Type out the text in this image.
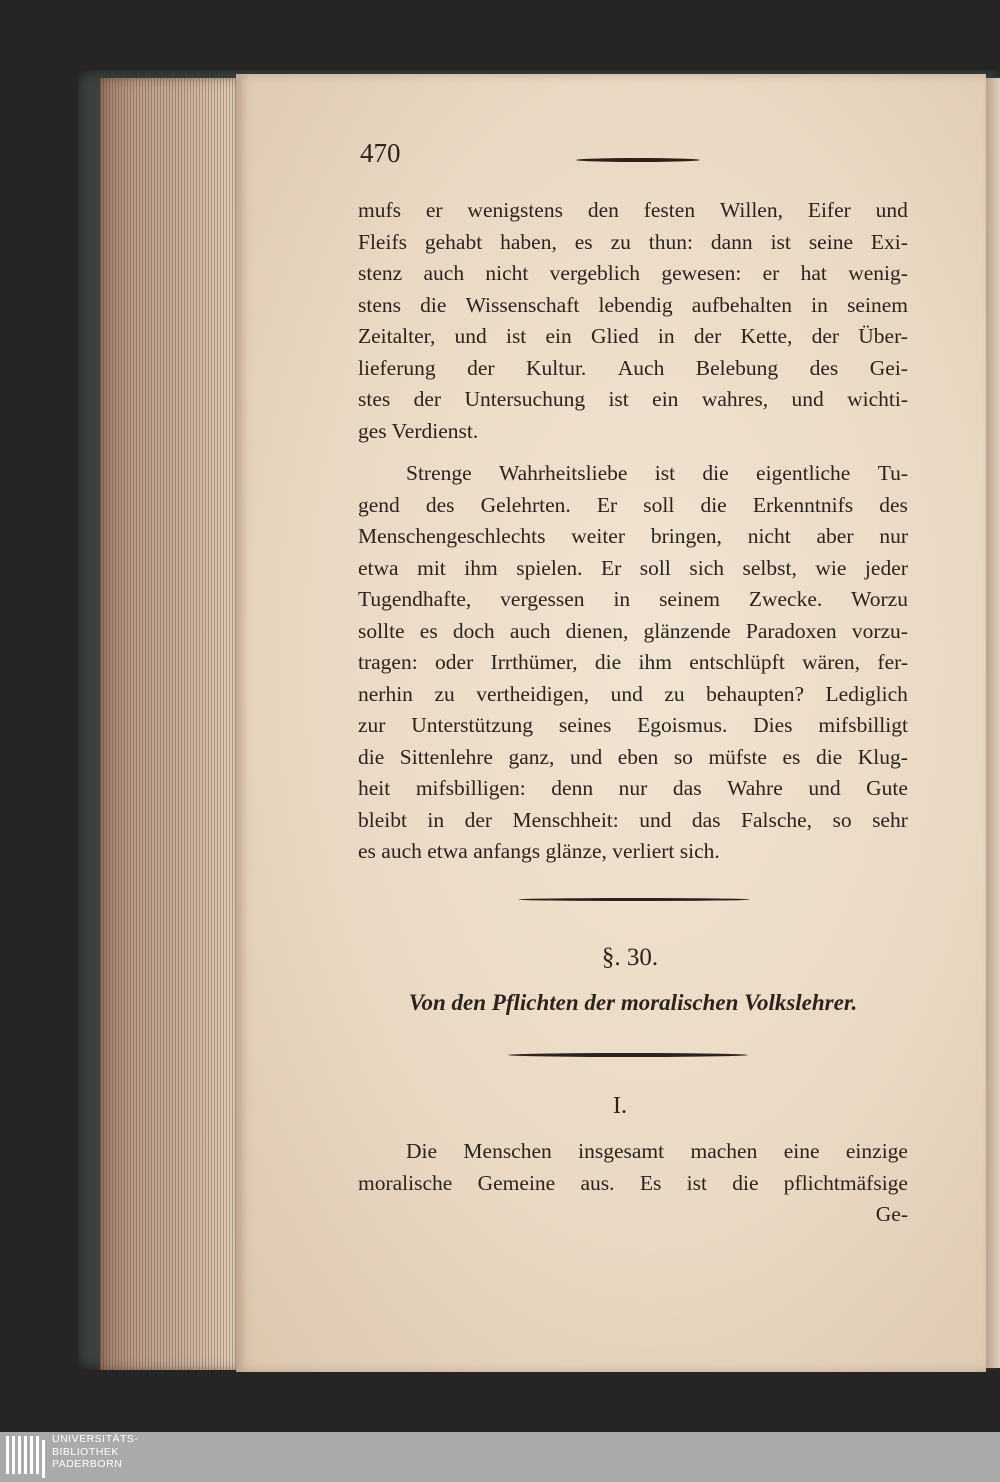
470
mufs er wenigstens den festen Willen, Eifer und
Fleifs gehabt haben, es zu thun: dann ist seine Exi-
stenz auch nicht vergeblich gewesen: er hat wenig-
stens die Wissenschaft lebendig aufbehalten in seinem
Zeitalter, und ist ein Glied in der Kette, der Über-
lieferung der Kultur. Auch Belebung des Gei-
stes der Untersuchung ist ein wahres, und wichti-
ges Verdienst.
Strenge Wahrheitsliebe ist die eigentliche Tu-
gend des Gelehrten. Er soll die Erkenntnifs des
Menschengeschlechts weiter bringen, nicht aber nur
etwa mit ihm spielen. Er soll sich selbst, wie jeder
Tugendhafte, vergessen in seinem Zwecke. Worzu
sollte es doch auch dienen, glänzende Paradoxen vorzu-
tragen: oder Irrthümer, die ihm entschlüpft wären, fer-
nerhin zu vertheidigen, und zu behaupten? Lediglich
zur Unterstützung seines Egoismus. Dies mifsbilligt
die Sittenlehre ganz, und eben so müfste es die Klug-
heit mifsbilligen: denn nur das Wahre und Gute
bleibt in der Menschheit: und das Falsche, so sehr
es auch etwa anfangs glänze, verliert sich.
§. 30.
Von den Pflichten der moralischen Volkslehrer.
I.
Die Menschen insgesamt machen eine einzige
moralische Gemeine aus. Es ist die pflichtmäfsige
Ge-
UNIVERSITÄTS-
BIBLIOTHEK
PADERBORN
